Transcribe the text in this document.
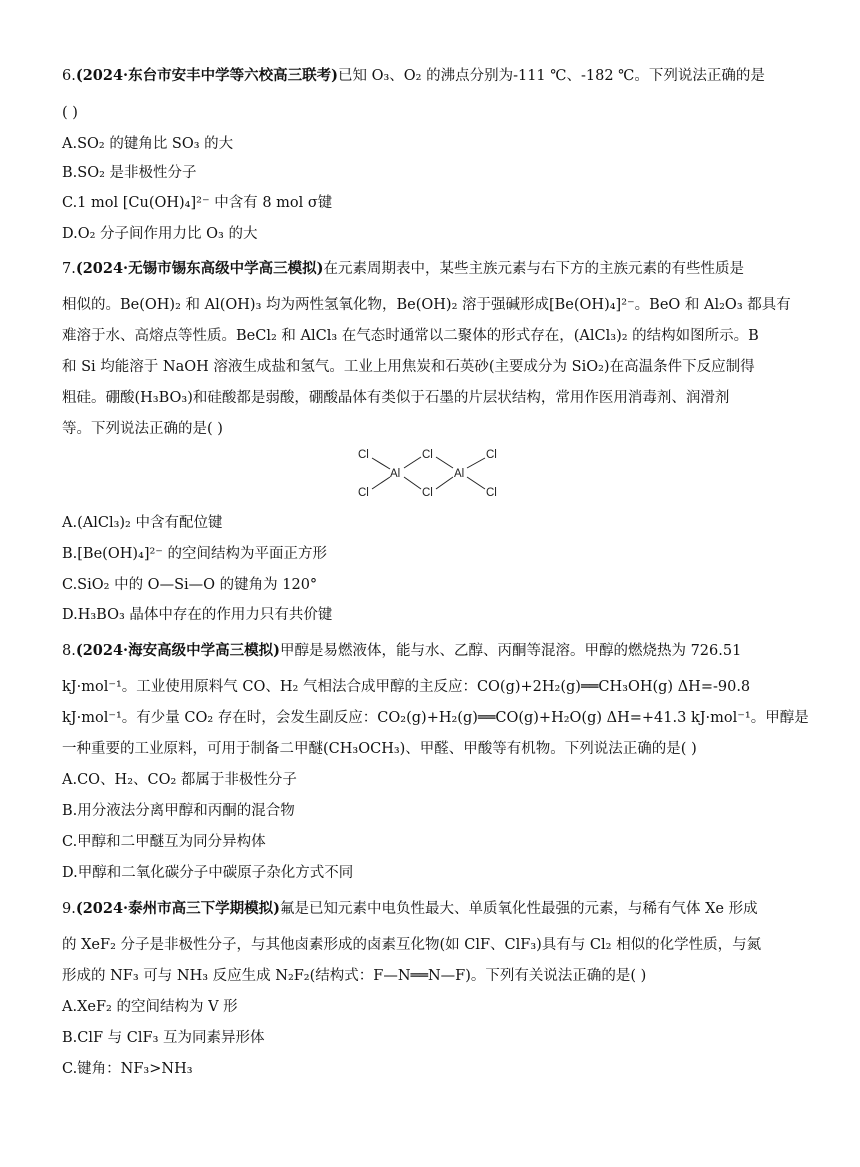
6.(2024·东台市安丰中学等六校高三联考)已知 O₃、O₂ 的沸点分别为-111 ℃、-182 ℃。下列说法正确的是
( )
A.SO₂ 的键角比 SO₃ 的大
B.SO₂ 是非极性分子
C.1 mol [Cu(OH)₄]²⁻ 中含有 8 mol σ键
D.O₂ 分子间作用力比 O₃ 的大
7.(2024·无锡市锡东高级中学高三模拟)在元素周期表中，某些主族元素与右下方的主族元素的有些性质是
相似的。Be(OH)₂ 和 Al(OH)₃ 均为两性氢氧化物，Be(OH)₂ 溶于强碱形成[Be(OH)₄]²⁻。BeO 和 Al₂O₃ 都具有
难溶于水、高熔点等性质。BeCl₂ 和 AlCl₃ 在气态时通常以二聚体的形式存在，(AlCl₃)₂ 的结构如图所示。B
和 Si 均能溶于 NaOH 溶液生成盐和氢气。工业上用焦炭和石英砂(主要成分为 SiO₂)在高温条件下反应制得
粗硅。硼酸(H₃BO₃)和硅酸都是弱酸，硼酸晶体有类似于石墨的片层状结构，常用作医用消毒剂、润滑剂
等。下列说法正确的是( )
Cl
Cl
Cl
Cl
Cl
Cl
Al	Al
A.(AlCl₃)₂ 中含有配位键
B.[Be(OH)₄]²⁻ 的空间结构为平面正方形
C.SiO₂ 中的 O—Si—O 的键角为 120°
D.H₃BO₃ 晶体中存在的作用力只有共价键
8.(2024·海安高级中学高三模拟)甲醇是易燃液体，能与水、乙醇、丙酮等混溶。甲醇的燃烧热为 726.51
kJ·mol⁻¹。工业使用原料气 CO、H₂ 气相法合成甲醇的主反应：CO(g)+2H₂(g)══CH₃OH(g) ΔH=-90.8
kJ·mol⁻¹。有少量 CO₂ 存在时，会发生副反应：CO₂(g)+H₂(g)══CO(g)+H₂O(g) ΔH=+41.3 kJ·mol⁻¹。甲醇是
一种重要的工业原料，可用于制备二甲醚(CH₃OCH₃)、甲醛、甲酸等有机物。下列说法正确的是( )
A.CO、H₂、CO₂ 都属于非极性分子
B.用分液法分离甲醇和丙酮的混合物
C.甲醇和二甲醚互为同分异构体
D.甲醇和二氧化碳分子中碳原子杂化方式不同
9.(2024·泰州市高三下学期模拟)氟是已知元素中电负性最大、单质氧化性最强的元素，与稀有气体 Xe 形成
的 XeF₂ 分子是非极性分子，与其他卤素形成的卤素互化物(如 ClF、ClF₃)具有与 Cl₂ 相似的化学性质，与氮
形成的 NF₃ 可与 NH₃ 反应生成 N₂F₂(结构式：F—N══N—F)。下列有关说法正确的是( )
A.XeF₂ 的空间结构为 V 形
B.ClF 与 ClF₃ 互为同素异形体
C.键角：NF₃>NH₃
